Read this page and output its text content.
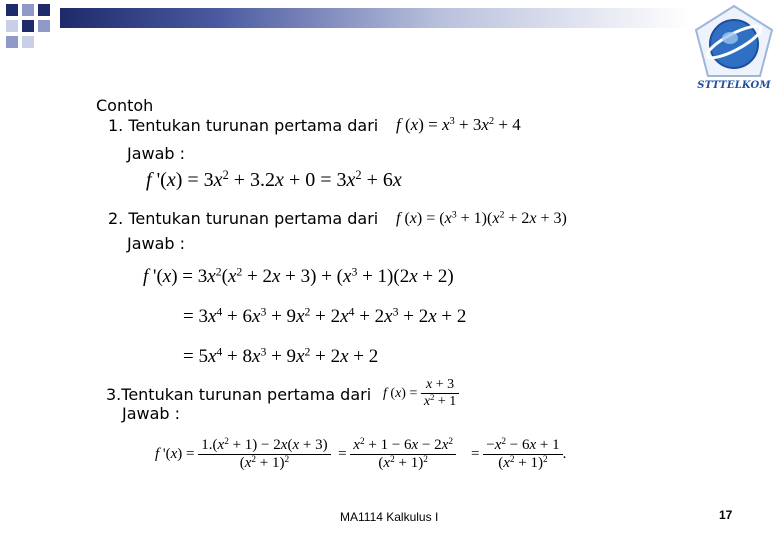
STTTELKOM
Contoh
1. Tentukan turunan pertama dari f $(x) = x^3 + 3x^2 + 4$
Jawab :
f '$(x) = 3x^2 + 3.2x + 0 = 3x^2 + 6x$
2. Tentukan turunan pertama dari f $(x) = (x^3 + 1)(x^2 + 2x + 3)$
Jawab :
f '$(x) = 3x^2(x^2 + 2x + 3) + (x^3 + 1)(2x + 2)$
= $3x^4 + 6x^3 + 9x^2 + 2x^4 + 2x^3 + 2x + 2$
= $5x^4 + 8x^3 + 9x^2 + 2x + 2$
3.Tentukan turunan pertama dari f $(x) = \frac{x + 3}{x^2 + 1}$
Jawab :
f '$(x) = \frac{1.(x^2 + 1) - 2x(x + 3)}{(x^2 + 1)^2} = \frac{x^2 + 1 - 6x - 2x^2}{(x^2 + 1)^2} = \frac{-x^2 - 6x + 1}{(x^2 + 1)^2}$ .
MA1114 Kalkulus I	17
